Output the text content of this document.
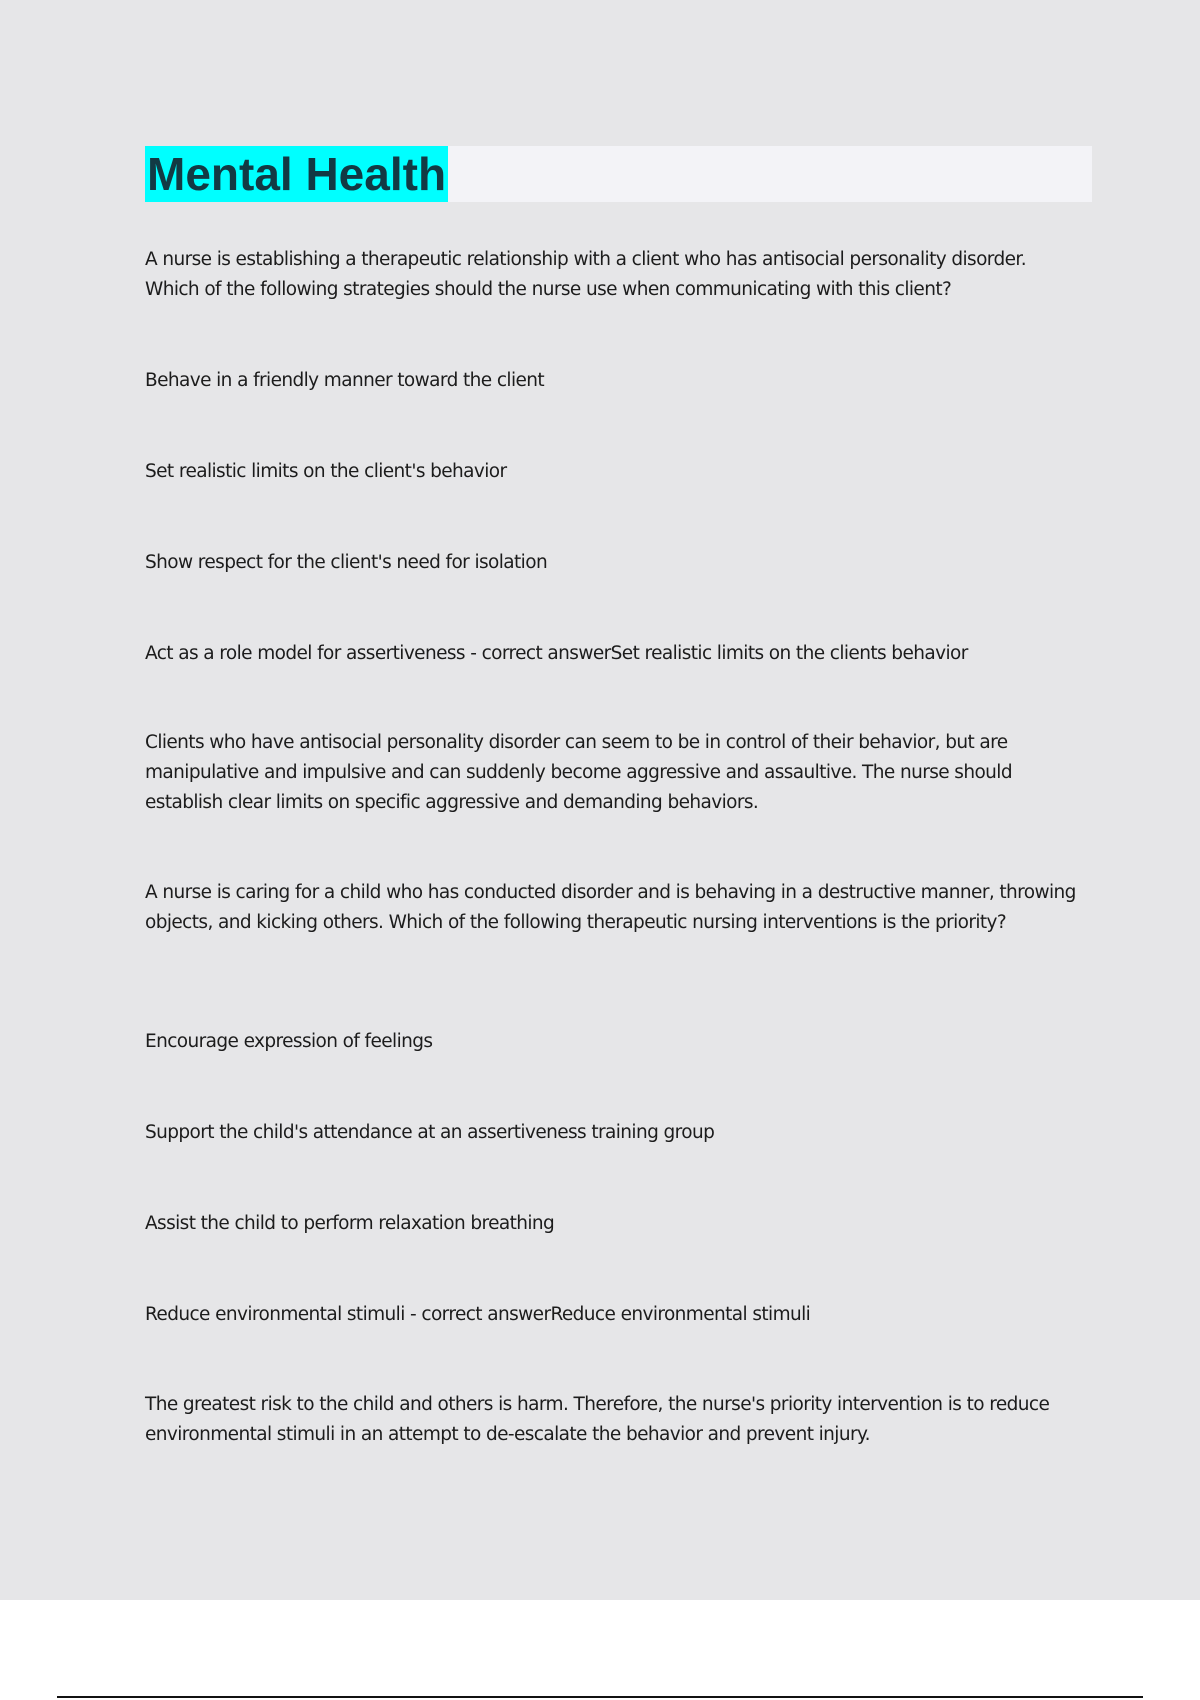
Mental Health

A nurse is establishing a therapeutic relationship with a client who has antisocial personality disorder. Which of the following strategies should the nurse use when communicating with this client?

Behave in a friendly manner toward the client

Set realistic limits on the client's behavior

Show respect for the client's need for isolation

Act as a role model for assertiveness - correct answerSet realistic limits on the clients behavior

Clients who have antisocial personality disorder can seem to be in control of their behavior, but are manipulative and impulsive and can suddenly become aggressive and assaultive. The nurse should establish clear limits on specific aggressive and demanding behaviors.

A nurse is caring for a child who has conducted disorder and is behaving in a destructive manner, throwing objects, and kicking others. Which of the following therapeutic nursing interventions is the priority?

Encourage expression of feelings

Support the child's attendance at an assertiveness training group

Assist the child to perform relaxation breathing

Reduce environmental stimuli - correct answerReduce environmental stimuli

The greatest risk to the child and others is harm. Therefore, the nurse's priority intervention is to reduce environmental stimuli in an attempt to de-escalate the behavior and prevent injury.
